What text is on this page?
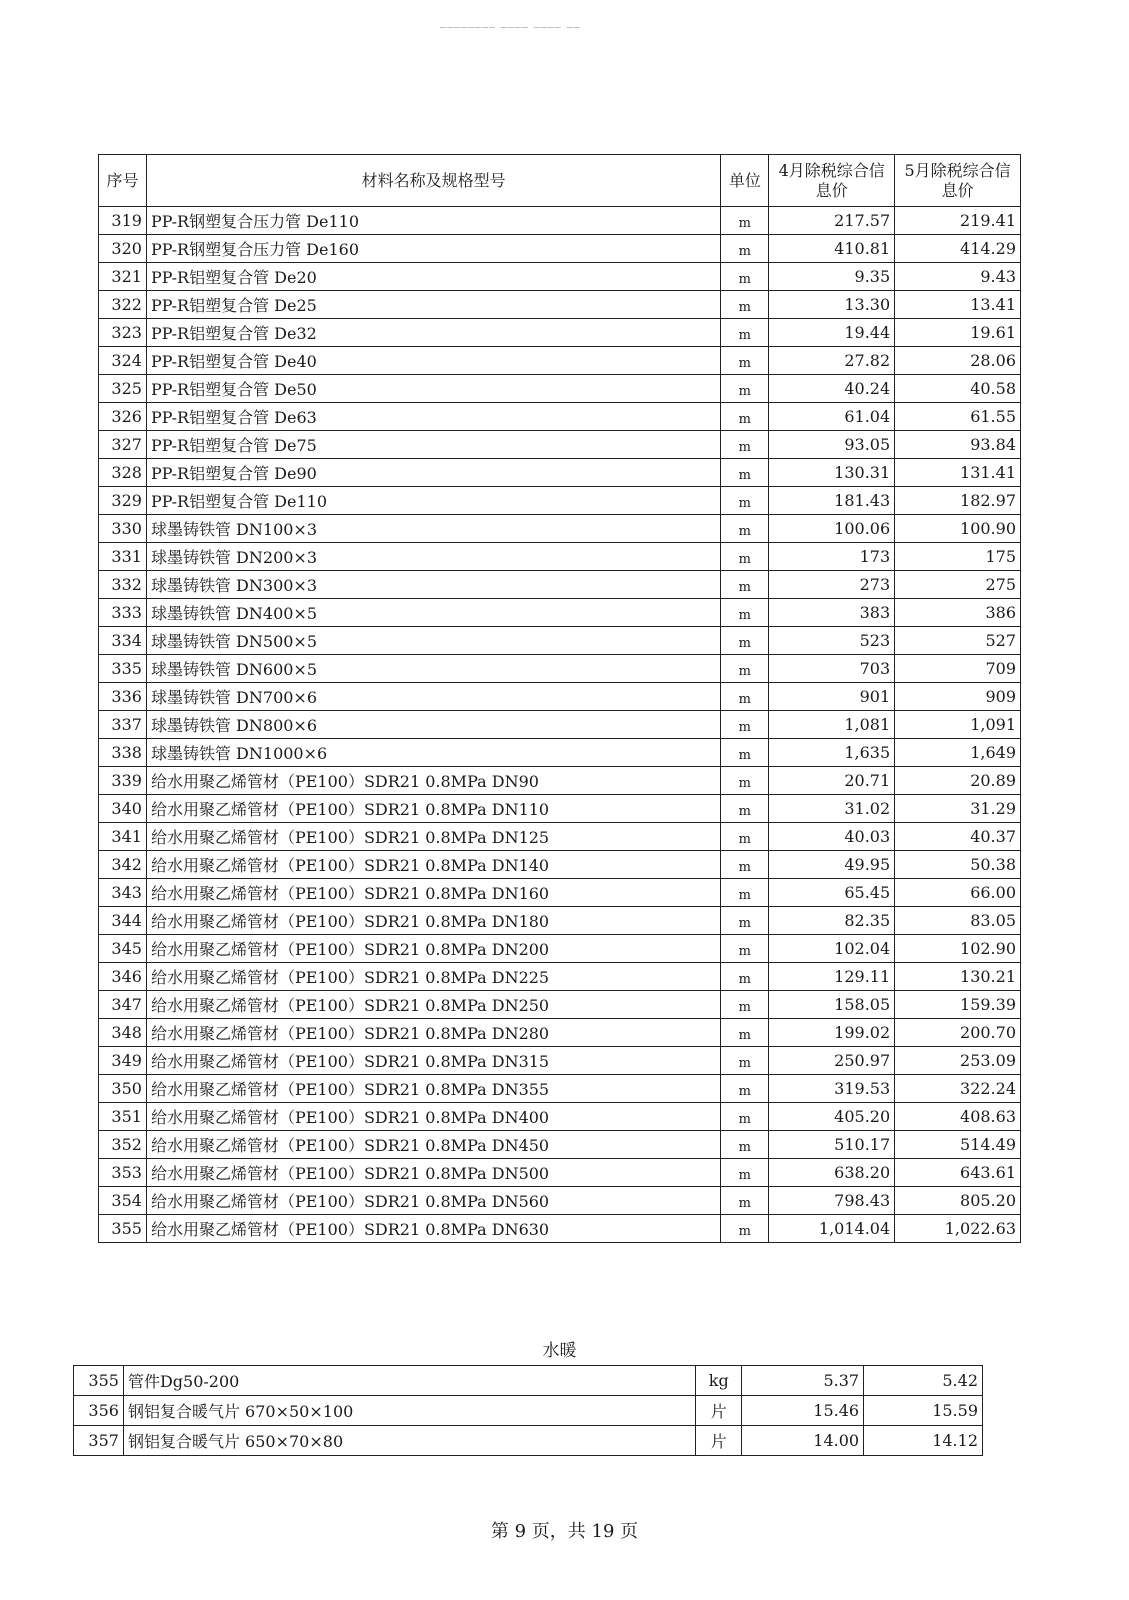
________ ____ ____ __
序号	材料名称及规格型号	单位	4月除税综合信息价	5月除税综合信息价
319	PP-R钢塑复合压力管 De110	m	217.57	219.41
320	PP-R钢塑复合压力管 De160	m	410.81	414.29
321	PP-R铝塑复合管 De20	m	9.35	9.43
322	PP-R铝塑复合管 De25	m	13.30	13.41
323	PP-R铝塑复合管 De32	m	19.44	19.61
324	PP-R铝塑复合管 De40	m	27.82	28.06
325	PP-R铝塑复合管 De50	m	40.24	40.58
326	PP-R铝塑复合管 De63	m	61.04	61.55
327	PP-R铝塑复合管 De75	m	93.05	93.84
328	PP-R铝塑复合管 De90	m	130.31	131.41
329	PP-R铝塑复合管 De110	m	181.43	182.97
330	球墨铸铁管 DN100×3	m	100.06	100.90
331	球墨铸铁管 DN200×3	m	173	175
332	球墨铸铁管 DN300×3	m	273	275
333	球墨铸铁管 DN400×5	m	383	386
334	球墨铸铁管 DN500×5	m	523	527
335	球墨铸铁管 DN600×5	m	703	709
336	球墨铸铁管 DN700×6	m	901	909
337	球墨铸铁管 DN800×6	m	1,081	1,091
338	球墨铸铁管 DN1000×6	m	1,635	1,649
339	给水用聚乙烯管材（PE100）SDR21 0.8MPa DN90	m	20.71	20.89
340	给水用聚乙烯管材（PE100）SDR21 0.8MPa DN110	m	31.02	31.29
341	给水用聚乙烯管材（PE100）SDR21 0.8MPa DN125	m	40.03	40.37
342	给水用聚乙烯管材（PE100）SDR21 0.8MPa DN140	m	49.95	50.38
343	给水用聚乙烯管材（PE100）SDR21 0.8MPa DN160	m	65.45	66.00
344	给水用聚乙烯管材（PE100）SDR21 0.8MPa DN180	m	82.35	83.05
345	给水用聚乙烯管材（PE100）SDR21 0.8MPa DN200	m	102.04	102.90
346	给水用聚乙烯管材（PE100）SDR21 0.8MPa DN225	m	129.11	130.21
347	给水用聚乙烯管材（PE100）SDR21 0.8MPa DN250	m	158.05	159.39
348	给水用聚乙烯管材（PE100）SDR21 0.8MPa DN280	m	199.02	200.70
349	给水用聚乙烯管材（PE100）SDR21 0.8MPa DN315	m	250.97	253.09
350	给水用聚乙烯管材（PE100）SDR21 0.8MPa DN355	m	319.53	322.24
351	给水用聚乙烯管材（PE100）SDR21 0.8MPa DN400	m	405.20	408.63
352	给水用聚乙烯管材（PE100）SDR21 0.8MPa DN450	m	510.17	514.49
353	给水用聚乙烯管材（PE100）SDR21 0.8MPa DN500	m	638.20	643.61
354	给水用聚乙烯管材（PE100）SDR21 0.8MPa DN560	m	798.43	805.20
355	给水用聚乙烯管材（PE100）SDR21 0.8MPa DN630	m	1,014.04	1,022.63
水暖
355	管件Dg50-200	kg	5.37	5.42
356	钢铝复合暖气片 670×50×100	片	15.46	15.59
357	钢铝复合暖气片 650×70×80	片	14.00	14.12
第 9 页，共 19 页
